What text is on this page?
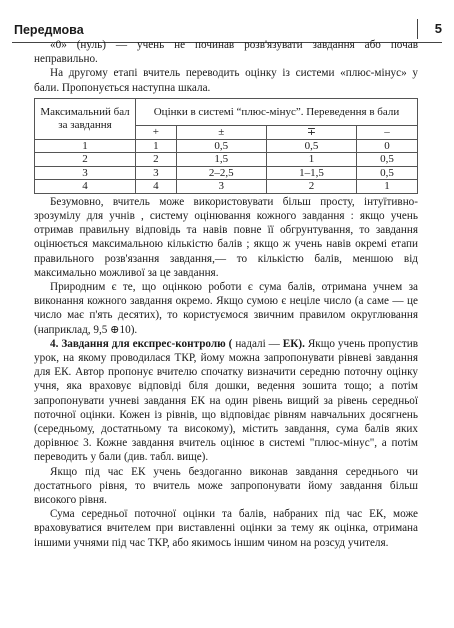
Передмова	5

«0» (нуль) — учень не починав розв'язувати завдання або почав неправильно.

На другому етапі вчитель переводить оцінку із системи «плюс-мінус» у бали. Пропонується наступна шкала.

Максимальний бал за завдання	Оцінки в системі “плюс-мінус”. Переведення в бали			
	+	±	∓	–
1	1	0,5	0,5	0
2	2	1,5	1	0,5
3	3	2–2,5	1–1,5	0,5
4	4	3	2	1

Безумовно, вчитель може використовувати більш просту, інтуїтивно-зрозумілу для учнів , систему оцінювання кожного завдання : якщо учень отримав правильну відповідь та навів повне її обгрунтування, то завдання оцінюється максимальною кількістю балів ; якщо ж учень навів окремі етапи правильного розв'язання завдання,— то кількістю балів, меншою від максимально можливої за це завдання.

Природним є те, що оцінкою роботи є сума балів, отримана учнем за виконання кожного завдання окремо. Якщо сумою є неціле число (а саме — це число має п'ять десятих), то користуємося звичним правилом округлювання (наприклад, 9,5 ⊕10).

4. Завдання для експрес-контролю ( надалі — ЕК). Якщо учень пропустив урок, на якому проводилася ТКР, йому можна запропонувати рівневі завдання для ЕК. Автор пропонує вчителю спочатку визначити середню поточну оцінку учня, яка враховує відповіді біля дошки, ведення зошита тощо; а потім запропонувати учневі завдання ЕК на один рівень вищий за рівень середньої поточної оцінки. Кожен із рівнів, що відповідає рівням навчальних досягнень (середньому, достатньому та високому), містить завдання, сума балів яких дорівнює 3. Кожне завдання вчитель оцінює в системі "плюс-мінус", а потім переводить у бали (див. табл. вище).

Якщо під час ЕК учень бездоганно виконав завдання середнього чи достатнього рівня, то вчитель може запропонувати йому завдання більш високого рівня.

Сума середньої поточної оцінки та балів, набраних під час ЕК, може враховуватися вчителем при виставленні оцінки за тему як оцінка, отримана іншими учнями під час ТКР, або якимось іншим чином на розсуд учителя.
